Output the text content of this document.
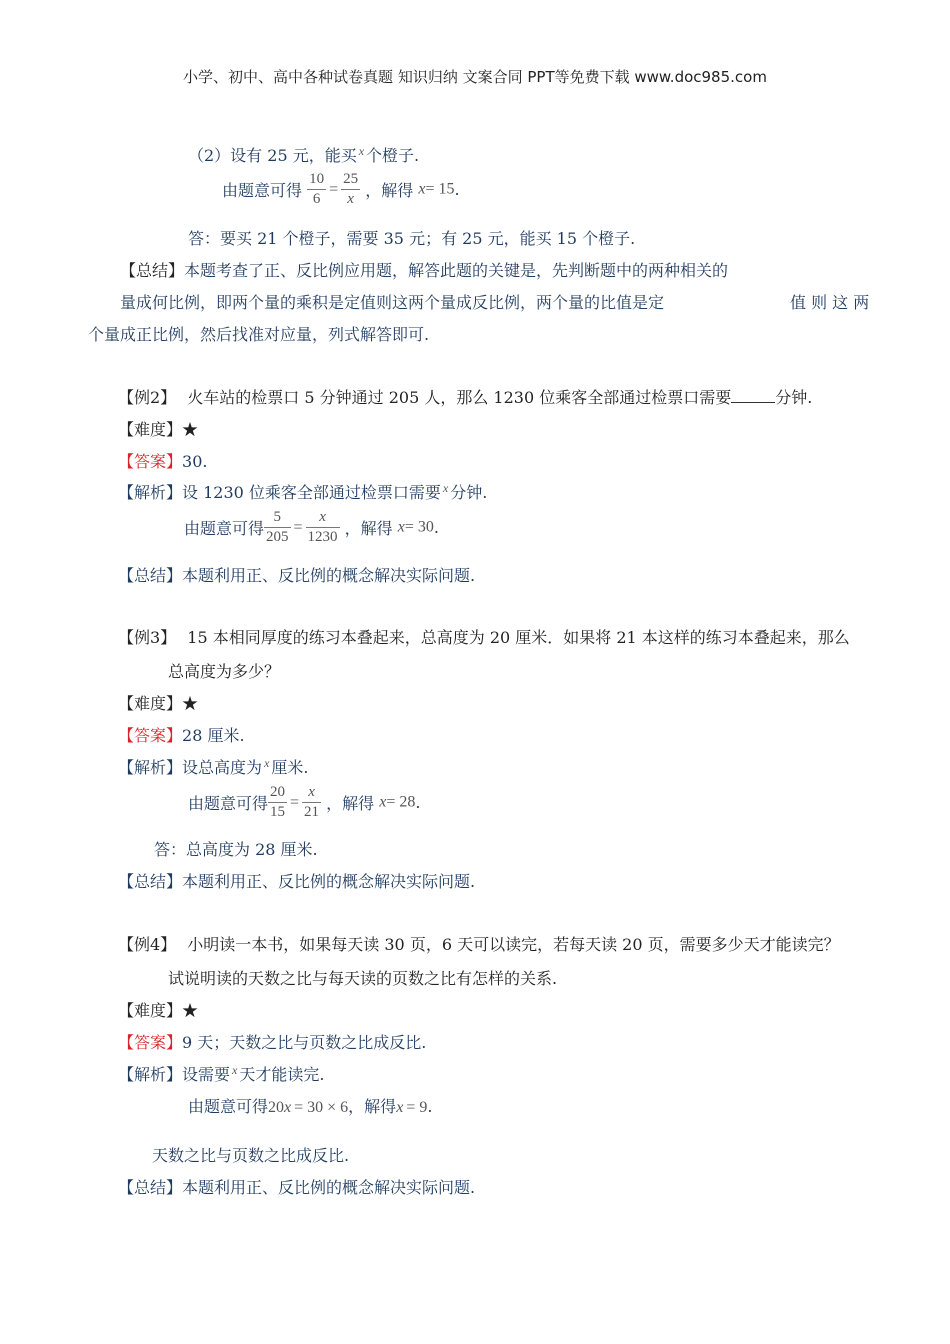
小学、初中、高中各种试卷真题 知识归纳 文案合同 PPT等免费下载 www.doc985.com
（2）设有 25 元，能买 $^x$ 个橙子.
由题意可得 $\frac{10}{6} = \frac{25}{x}$ ，解得 x= 15.
答：要买 21 个橙子，需要 35 元；有 25 元，能买 15 个橙子.
【总结】本题考查了正、反比例应用题，解答此题的关键是，先判断题中的两种相关的
量成何比例，即两个量的乘积是定值则这两个量成反比例，两个量的比值是定	值 则 这 两
个量成正比例，然后找准对应量，列式解答即可.
【例2】 火车站的检票口 5 分钟通过 205 人，那么 1230 位乘客全部通过检票口需要	分钟.
【难度】★
【答案】30.
【解析】设 1230 位乘客全部通过检票口需要 $^x$ 分钟.
由题意可得 $\frac{5}{205} = \frac{x}{1230}$ ，解得 x= 30.
【总结】本题利用正、反比例的概念解决实际问题.
【例3】 15 本相同厚度的练习本叠起来，总高度为 20 厘米．如果将 21 本这样的练习本叠起来，那么
总高度为多少？
【难度】★
【答案】28 厘米.
【解析】设总高度为 $^x$ 厘米.
由题意可得 $\frac{20}{15} = \frac{x}{21}$ ，解得 x= 28.
答：总高度为 28 厘米.
【总结】本题利用正、反比例的概念解决实际问题.
【例4】 小明读一本书，如果每天读 30 页，6 天可以读完，若每天读 20 页，需要多少天才能读完？
试说明读的天数之比与每天读的页数之比有怎样的关系.
【难度】★
【答案】9 天；天数之比与页数之比成反比.
【解析】设需要 $^x$ 天才能读完.
由题意可得20x = 30 × 6，解得x = 9.
天数之比与页数之比成反比.
【总结】本题利用正、反比例的概念解决实际问题.
